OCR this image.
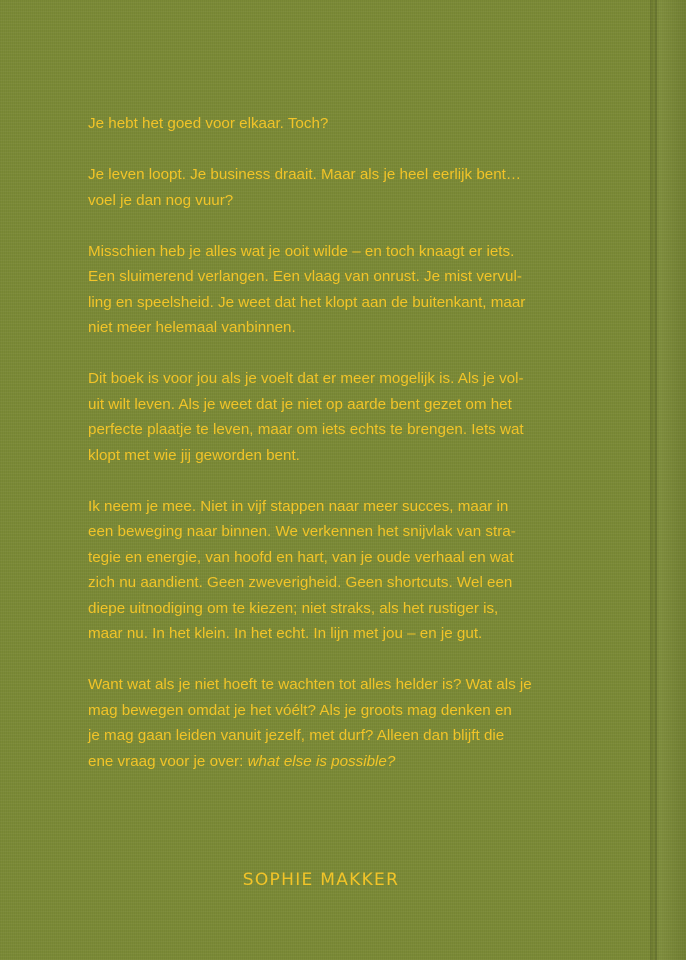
Je hebt het goed voor elkaar. Toch?

Je leven loopt. Je business draait. Maar als je heel eerlijk bent…
voel je dan nog vuur?

Misschien heb je alles wat je ooit wilde – en toch knaagt er iets.
Een sluimerend verlangen. Een vlaag van onrust. Je mist vervul-
ling en speelsheid. Je weet dat het klopt aan de buitenkant, maar
niet meer helemaal vanbinnen.

Dit boek is voor jou als je voelt dat er meer mogelijk is. Als je vol-
uit wilt leven. Als je weet dat je niet op aarde bent gezet om het
perfecte plaatje te leven, maar om iets echts te brengen. Iets wat
klopt met wie jij geworden bent.

Ik neem je mee. Niet in vijf stappen naar meer succes, maar in
een beweging naar binnen. We verkennen het snijvlak van stra-
tegie en energie, van hoofd en hart, van je oude verhaal en wat
zich nu aandient. Geen zweverigheid. Geen shortcuts. Wel een
diepe uitnodiging om te kiezen; niet straks, als het rustiger is,
maar nu. In het klein. In het echt. In lijn met jou – en je gut.

Want wat als je niet hoeft te wachten tot alles helder is? Wat als je
mag bewegen omdat je het vóélt? Als je groots mag denken en
je mag gaan leiden vanuit jezelf, met durf? Alleen dan blijft die
ene vraag voor je over: what else is possible?

SOPHIE MAKKER
